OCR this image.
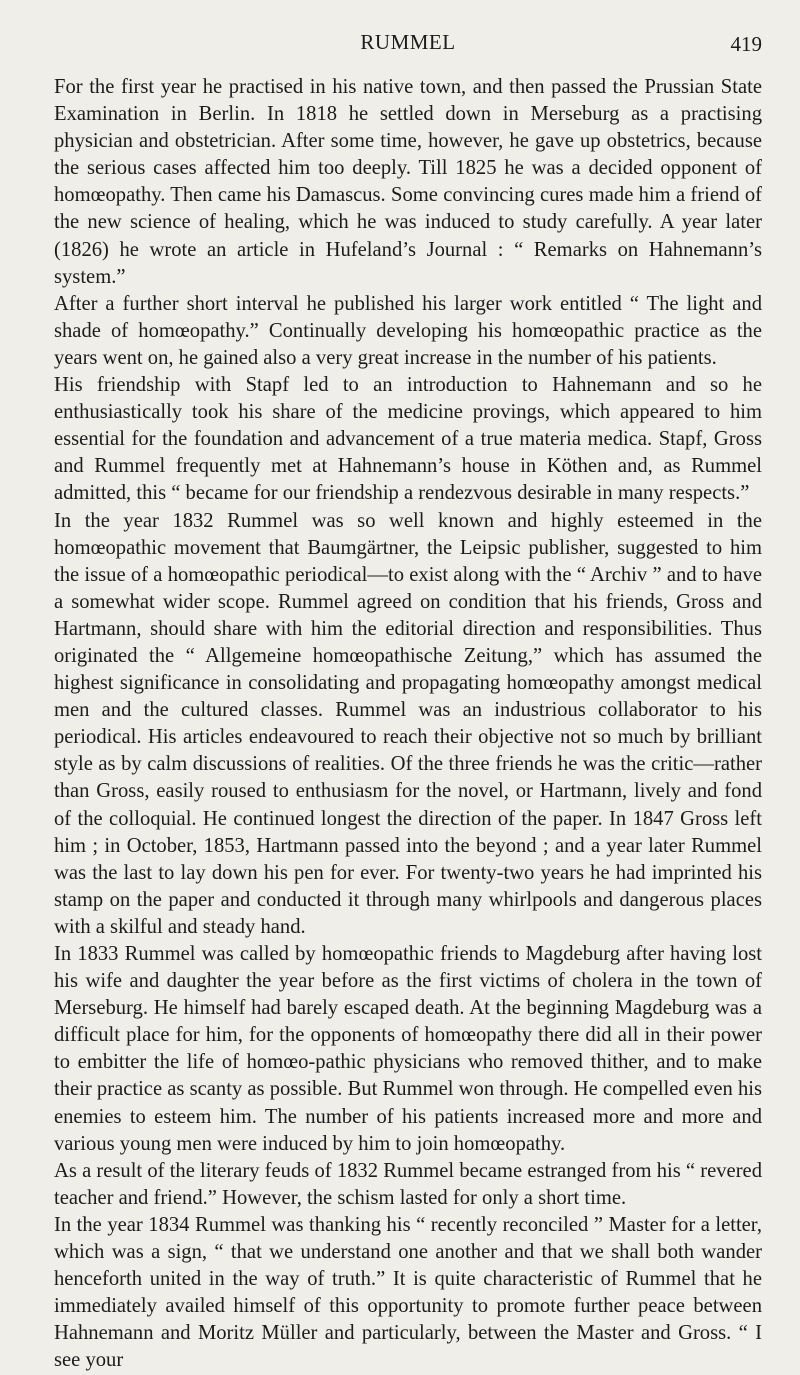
RUMMEL	419

For the first year he practised in his native town, and then passed the Prussian State Examination in Berlin. In 1818 he settled down in Merseburg as a practising physician and obstetrician. After some time, however, he gave up obstetrics, because the serious cases affected him too deeply. Till 1825 he was a decided opponent of homœopathy. Then came his Damascus. Some convincing cures made him a friend of the new science of healing, which he was induced to study carefully. A year later (1826) he wrote an article in Hufeland’s Journal : “ Remarks on Hahnemann’s system.”

After a further short interval he published his larger work entitled “ The light and shade of homœopathy.” Continually developing his homœopathic practice as the years went on, he gained also a very great increase in the number of his patients.

His friendship with Stapf led to an introduction to Hahnemann and so he enthusiastically took his share of the medicine provings, which appeared to him essential for the foundation and advancement of a true materia medica. Stapf, Gross and Rummel frequently met at Hahnemann’s house in Köthen and, as Rummel admitted, this “ became for our friendship a rendezvous desirable in many respects.”

In the year 1832 Rummel was so well known and highly esteemed in the homœopathic movement that Baumgärtner, the Leipsic publisher, suggested to him the issue of a homœopathic periodical—to exist along with the “ Archiv ” and to have a somewhat wider scope. Rummel agreed on condition that his friends, Gross and Hartmann, should share with him the editorial direction and responsibilities. Thus originated the “ Allgemeine homœopathische Zeitung,” which has assumed the highest significance in consolidating and propagating homœopathy amongst medical men and the cultured classes. Rummel was an industrious collaborator to his periodical. His articles endeavoured to reach their objective not so much by brilliant style as by calm discussions of realities. Of the three friends he was the critic—rather than Gross, easily roused to enthusiasm for the novel, or Hartmann, lively and fond of the colloquial. He continued longest the direction of the paper. In 1847 Gross left him ; in October, 1853, Hartmann passed into the beyond ; and a year later Rummel was the last to lay down his pen for ever. For twenty-two years he had imprinted his stamp on the paper and conducted it through many whirlpools and dangerous places with a skilful and steady hand.

In 1833 Rummel was called by homœopathic friends to Magdeburg after having lost his wife and daughter the year before as the first victims of cholera in the town of Merseburg. He himself had barely escaped death. At the beginning Magdeburg was a difficult place for him, for the opponents of homœopathy there did all in their power to embitter the life of homœo-pathic physicians who removed thither, and to make their practice as scanty as possible. But Rummel won through. He compelled even his enemies to esteem him. The number of his patients increased more and more and various young men were induced by him to join homœopathy.

As a result of the literary feuds of 1832 Rummel became estranged from his “ revered teacher and friend.” However, the schism lasted for only a short time.

In the year 1834 Rummel was thanking his “ recently reconciled ” Master for a letter, which was a sign, “ that we understand one another and that we shall both wander henceforth united in the way of truth.” It is quite characteristic of Rummel that he immediately availed himself of this opportunity to promote further peace between Hahnemann and Moritz Müller and particularly, between the Master and Gross. “ I see your
